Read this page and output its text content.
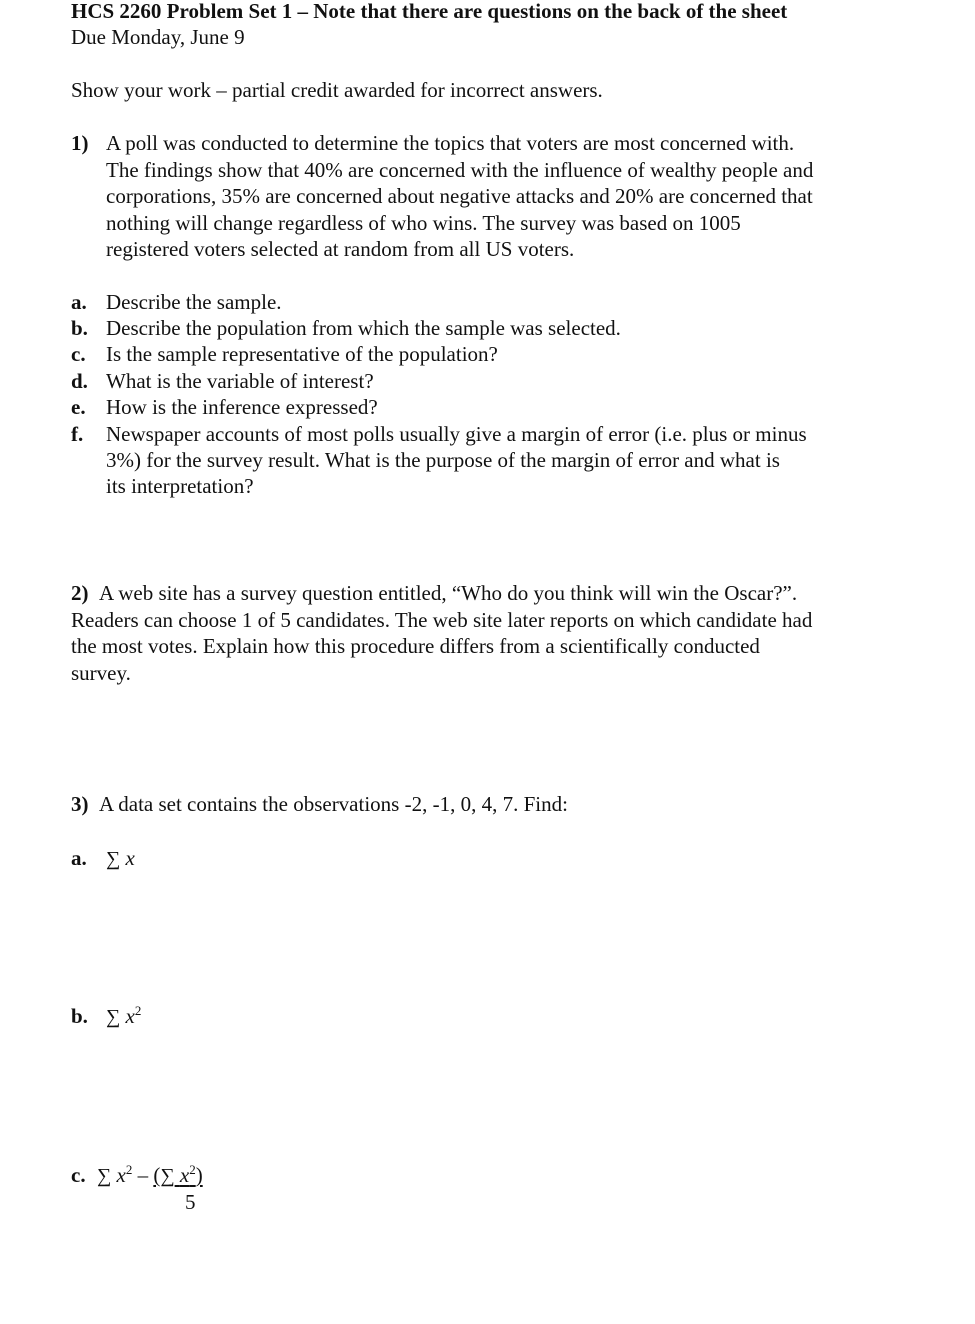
HCS 2260 Problem Set 1 – Note that there are questions on the back of the sheet
Due Monday, June 9
Show your work – partial credit awarded for incorrect answers.
1) A poll was conducted to determine the topics that voters are most concerned with.
The findings show that 40% are concerned with the influence of wealthy people and
corporations, 35% are concerned about negative attacks and 20% are concerned that
nothing will change regardless of who wins. The survey was based on 1005
registered voters selected at random from all US voters.
a. Describe the sample.
b. Describe the population from which the sample was selected.
c. Is the sample representative of the population?
d. What is the variable of interest?
e. How is the inference expressed?
f. Newspaper accounts of most polls usually give a margin of error (i.e. plus or minus
3%) for the survey result. What is the purpose of the margin of error and what is
its interpretation?
2) A web site has a survey question entitled, “Who do you think will win the Oscar?”.
Readers can choose 1 of 5 candidates. The web site later reports on which candidate had
the most votes. Explain how this procedure differs from a scientifically conducted
survey.
3) A data set contains the observations -2, -1, 0, 4, 7. Find:
a. ∑ x
b. ∑ $x^2$
c. ∑ $x^2$ – (∑ $x^2$)
5
